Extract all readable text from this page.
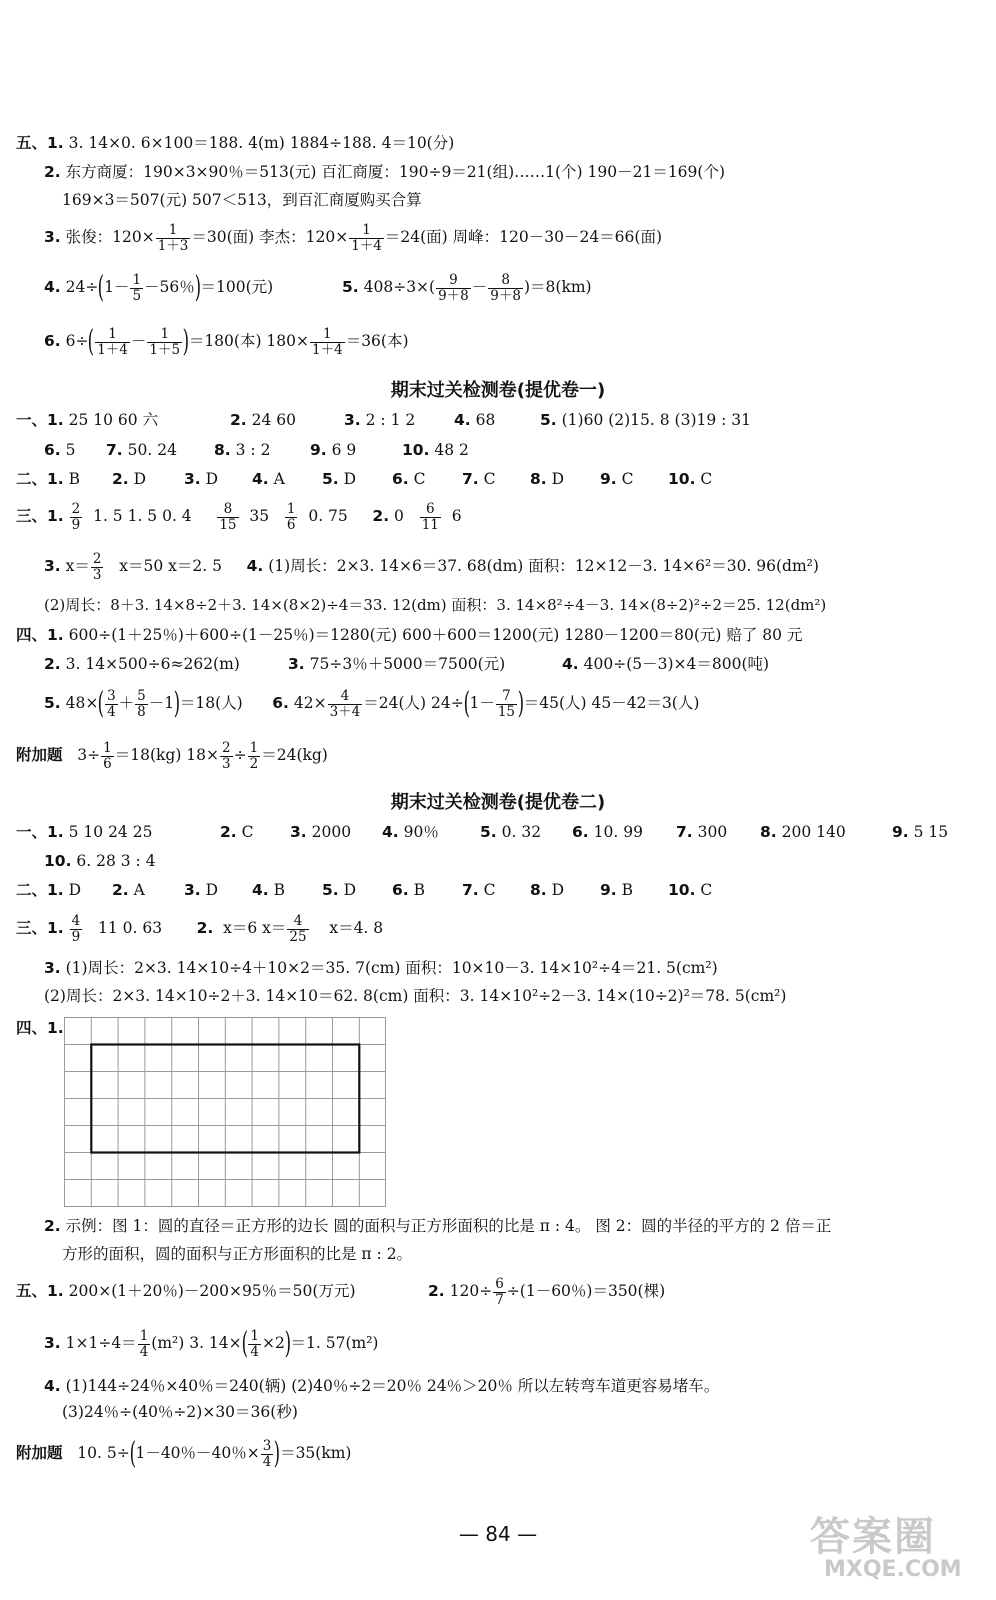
五、1. 3. 14×0. 6×100＝188. 4(m) 1884÷188. 4＝10(分)
2. 东方商厦：190×3×90％＝513(元) 百汇商厦：190÷9＝21(组)……1(个) 190－21＝169(个)
169×3＝507(元) 507＜513，到百汇商厦购买合算
3. 张俊：$120\times \frac{1}{1+3} =30$(面) 李杰：$120\times \frac{1}{1+4} =24$(面) 周峰：120－30－24＝66(面)
4. $24\div(1- \frac{1}{5} -56$％)＝100(元)	5. $408\div 3\times( \frac{9}{9+8} - \frac{8}{9+8} )=8(km)$
6. $6\div( \frac{1}{1+4} - \frac{1}{1+5} )=180$(本) $180\times \frac{1}{1+4} =36$(本)
期末过关检测卷(提优卷一)
一、1. 25 10 60 六	2. 24 60	3. 2 : 1 2	4. 68	5. (1)60 (2)15. 8 (3)19 : 31
6. 5 7. 50. 24 8. 3 : 2	9. 6 9	10. 48 2
二、1. B 2. D 3. D 4. A 5. D 6. C 7. C 8. D 9. C 10. C
三、1. $\frac{2}{9} 1$. 5 1. 5 0. $4 \frac{8}{15} 35 \frac{1}{6} 0$. 75 2. $0 \frac{6}{11} 6$
3. $x= \frac{2}{3} x=50$ x＝2. 5 4. (1)周长：2×3. 14×6＝37. 68(dm) 面积：12×12－3. 14×6²＝30. 96(dm²)
(2)周长：8＋3. 14×8÷2＋3. 14×(8×2)÷4＝33. 12(dm) 面积：3. 14×8²÷4－3. 14×(8÷2)²÷2＝25. 12(dm²)
四、1. 600÷(1＋25％)＋600÷(1－25％)＝1280(元) 600＋600＝1200(元) 1280－1200＝80(元) 赔了 80 元
2. 3. 14×500÷6≈262(m)	3. 75÷3％＋5000＝7500(元)	4. 400÷(5－3)×4＝800(吨)
5. $48\times( \frac{3}{4} + \frac{5}{8} -1)=18$(人) 6. $42\times \frac{4}{3+4} =24$(人) $24\div(1- \frac{7}{15} )=45$(人) 45－42＝3(人)
附加题 $3\div \frac{1}{6} =18(kg)$ $18\times \frac{2}{3} \div \frac{1}{2} =24(kg)$
期末过关检测卷(提优卷二)
一、1. 5 10 24 25	2. C 3. 2000 4. 90％	5. 0. 32 6. 10. 99 7. 300 8. 200 140	9. 5 15
10. 6. 28 3 : 4
二、1. D 2. A	3. D 4. B 5. D 6. B 7. C 8. D 9. B 10. C
三、1. $\frac{4}{9} 11$ 0. 63 2. x＝6 $x= \frac{4}{25} x=4$. 8
3. (1)周长：2×3. 14×10÷4＋10×2＝35. 7(cm) 面积：10×10－3. 14×10²÷4＝21. 5(cm²)
(2)周长：2×3. 14×10÷2＋3. 14×10＝62. 8(cm) 面积：3. 14×10²÷2－3. 14×(10÷2)²＝78. 5(cm²)
四、1.
2. 示例：图 1：圆的直径＝正方形的边长 圆的面积与正方形面积的比是 π : 4。 图 2：圆的半径的平方的 2 倍＝正
方形的面积，圆的面积与正方形面积的比是 π : 2。
五、1. 200×(1＋20％)－200×95％＝50(万元)	2. $120\div \frac{6}{7} \div(1-60$％)＝350(棵)
3. $1\times 1\div 4= \frac{1}{4} (m^2)$ 3. $14\times( \frac{1}{4} \times 2)=1$. 57(m²)
4. (1)144÷24％×40％＝240(辆) (2)40％÷2＝20％ 24％＞20％ 所以左转弯车道更容易堵车。
(3)24％÷(40％÷2)×30＝36(秒)
附加题 10. 5÷(1－40％－40％× $\frac{3}{4} )=35(km)$
— 84 —	答案圈
MXQE.COM
